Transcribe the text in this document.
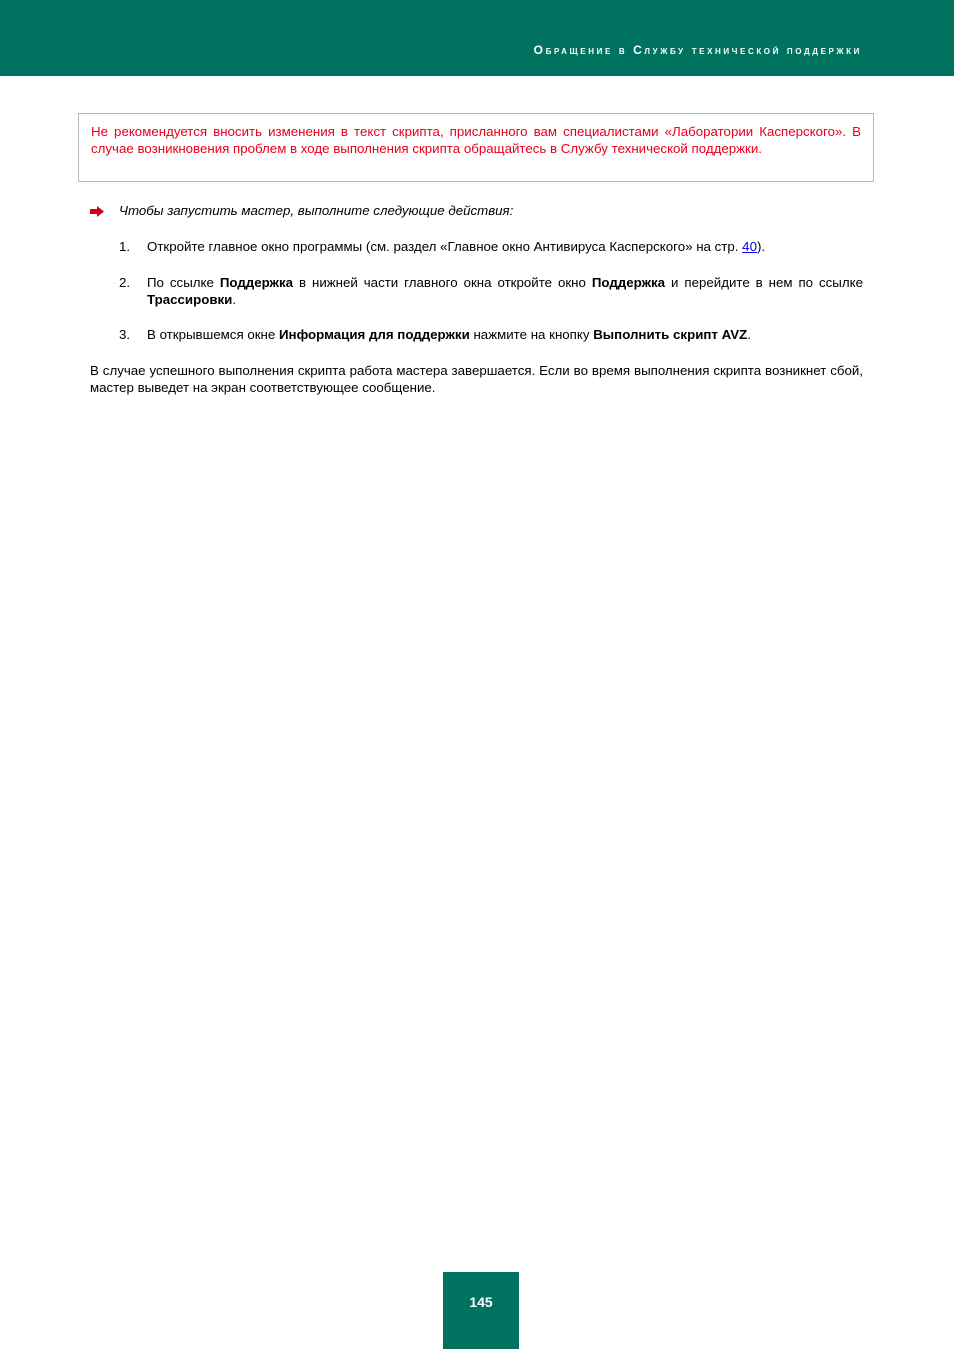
Обращение в Службу технической поддержки
Не рекомендуется вносить изменения в текст скрипта, присланного вам специалистами «Лаборатории Касперского». В случае возникновения проблем в ходе выполнения скрипта обращайтесь в Службу технической поддержки.
Чтобы запустить мастер, выполните следующие действия:
1. Откройте главное окно программы (см. раздел «Главное окно Антивируса Касперского» на стр. 40).
2. По ссылке Поддержка в нижней части главного окна откройте окно Поддержка и перейдите в нем по ссылке Трассировки.
3. В открывшемся окне Информация для поддержки нажмите на кнопку Выполнить скрипт AVZ.
В случае успешного выполнения скрипта работа мастера завершается. Если во время выполнения скрипта возникнет сбой, мастер выведет на экран соответствующее сообщение.
145
